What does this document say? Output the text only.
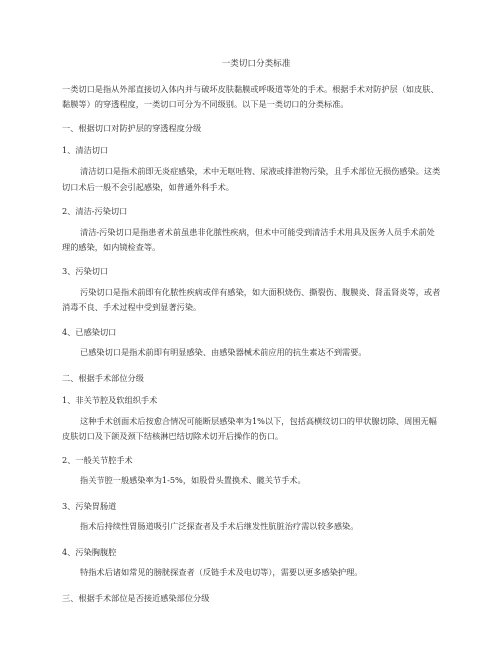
一类切口分类标准

一类切口是指从外部直接切入体内并与破坏皮肤黏膜或呼吸道等处的手术。根据手术对防护层（如皮肤、黏膜等）的穿透程度，一类切口可分为不同级别。以下是一类切口的分类标准。

一、根据切口对防护层的穿透程度分级

1、清洁切口

清洁切口是指术前即无炎症感染，术中无呕吐物、尿液或排泄物污染，且手术部位无损伤感染。这类切口术后一般不会引起感染，如普通外科手术。

2、清洁-污染切口

清洁-污染切口是指患者术前虽患非化脓性疾病，但术中可能受到清洁手术用具及医务人员手术前处理的感染，如内镜检查等。

3、污染切口

污染切口是指术前即有化脓性疾病或伴有感染，如大面积烧伤、撕裂伤、腹膜炎、肾盂肾炎等，或者消毒不良、手术过程中受到显著污染。

4、已感染切口

已感染切口是指术前即有明显感染、由感染器械术前应用的抗生素达不到需要。

二、根据手术部位分级

1、非关节腔及软组织手术

这种手术创面术后按愈合情况可能断层感染率为1%以下，包括高横纹切口的甲状腺切除、周围无幅皮肤切口及下颌及颈下结核淋巴结切除术切开后操作的伤口。

2、一般关节腔手术

指关节腔一般感染率为1-5%，如股骨头置换术、髋关节手术。

3、污染胃肠道

指术后持续性胃肠道吸引广泛探查者及手术后继发性肮脏治疗需以较多感染。

4、污染胸腹腔

特指术后诸如常见的膀胱探查者（反链手术及电切等），需要以更多感染护理。

三、根据手术部位是否接近感染部位分级
